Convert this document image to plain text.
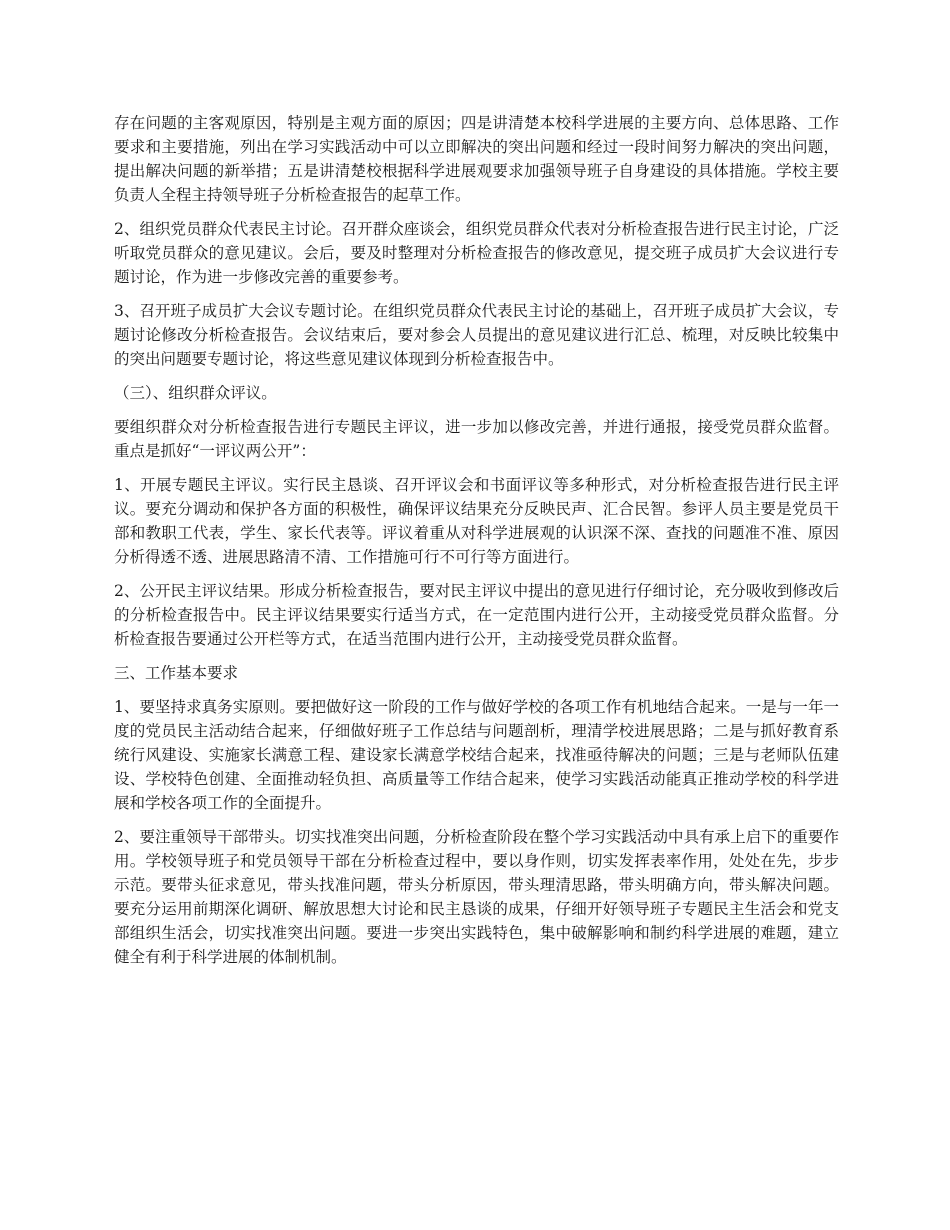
存在问题的主客观原因，特别是主观方面的原因；四是讲清楚本校科学进展的主要方向、总体思路、工作要求和主要措施，列出在学习实践活动中可以立即解决的突出问题和经过一段时间努力解决的突出问题，提出解决问题的新举措；五是讲清楚校根据科学进展观要求加强领导班子自身建设的具体措施。学校主要负责人全程主持领导班子分析检查报告的起草工作。

2、组织党员群众代表民主讨论。召开群众座谈会，组织党员群众代表对分析检查报告进行民主讨论，广泛听取党员群众的意见建议。会后，要及时整理对分析检查报告的修改意见，提交班子成员扩大会议进行专题讨论，作为进一步修改完善的重要参考。

3、召开班子成员扩大会议专题讨论。在组织党员群众代表民主讨论的基础上，召开班子成员扩大会议，专题讨论修改分析检查报告。会议结束后，要对参会人员提出的意见建议进行汇总、梳理，对反映比较集中的突出问题要专题讨论，将这些意见建议体现到分析检查报告中。

（三）、组织群众评议。

要组织群众对分析检查报告进行专题民主评议，进一步加以修改完善，并进行通报，接受党员群众监督。重点是抓好“一评议两公开”：

1、开展专题民主评议。实行民主恳谈、召开评议会和书面评议等多种形式，对分析检查报告进行民主评议。要充分调动和保护各方面的积极性，确保评议结果充分反映民声、汇合民智。参评人员主要是党员干部和教职工代表，学生、家长代表等。评议着重从对科学进展观的认识深不深、查找的问题准不准、原因分析得透不透、进展思路清不清、工作措施可行不可行等方面进行。

2、公开民主评议结果。形成分析检查报告，要对民主评议中提出的意见进行仔细讨论，充分吸收到修改后的分析检查报告中。民主评议结果要实行适当方式，在一定范围内进行公开，主动接受党员群众监督。分析检查报告要通过公开栏等方式，在适当范围内进行公开，主动接受党员群众监督。

三、工作基本要求

1、要坚持求真务实原则。要把做好这一阶段的工作与做好学校的各项工作有机地结合起来。一是与一年一度的党员民主活动结合起来，仔细做好班子工作总结与问题剖析，理清学校进展思路；二是与抓好教育系统行风建设、实施家长满意工程、建设家长满意学校结合起来，找准亟待解决的问题；三是与老师队伍建设、学校特色创建、全面推动轻负担、高质量等工作结合起来，使学习实践活动能真正推动学校的科学进展和学校各项工作的全面提升。

2、要注重领导干部带头。切实找准突出问题，分析检查阶段在整个学习实践活动中具有承上启下的重要作用。学校领导班子和党员领导干部在分析检查过程中，要以身作则，切实发挥表率作用，处处在先，步步示范。要带头征求意见，带头找准问题，带头分析原因，带头理清思路，带头明确方向，带头解决问题。要充分运用前期深化调研、解放思想大讨论和民主恳谈的成果，仔细开好领导班子专题民主生活会和党支部组织生活会，切实找准突出问题。要进一步突出实践特色，集中破解影响和制约科学进展的难题，建立健全有利于科学进展的体制机制。
